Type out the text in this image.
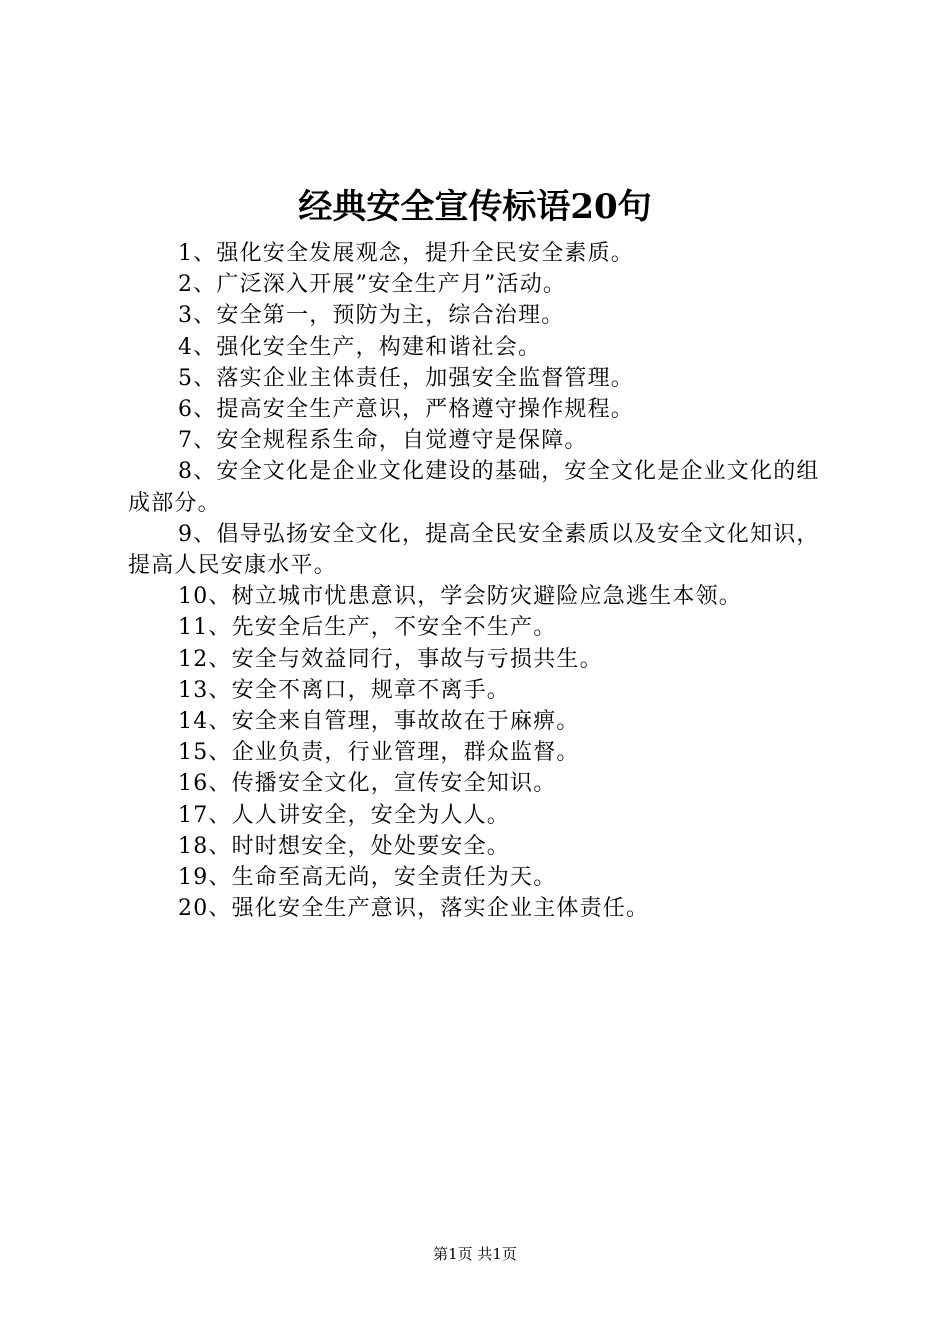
经典安全宣传标语20句

1、强化安全发展观念，提升全民安全素质。

2、广泛深入开展”安全生产月”活动。

3、安全第一，预防为主，综合治理。

4、强化安全生产，构建和谐社会。

5、落实企业主体责任，加强安全监督管理。

6、提高安全生产意识，严格遵守操作规程。

7、安全规程系生命，自觉遵守是保障。

8、安全文化是企业文化建设的基础，安全文化是企业文化的组成部分。

9、倡导弘扬安全文化，提高全民安全素质以及安全文化知识，提高人民安康水平。

10、树立城市忧患意识，学会防灾避险应急逃生本领。

11、先安全后生产，不安全不生产。

12、安全与效益同行，事故与亏损共生。

13、安全不离口，规章不离手。

14、安全来自管理，事故故在于麻痹。

15、企业负责，行业管理，群众监督。

16、传播安全文化，宣传安全知识。

17、人人讲安全，安全为人人。

18、时时想安全，处处要安全。

19、生命至高无尚，安全责任为天。

20、强化安全生产意识，落实企业主体责任。

第1页 共1页
